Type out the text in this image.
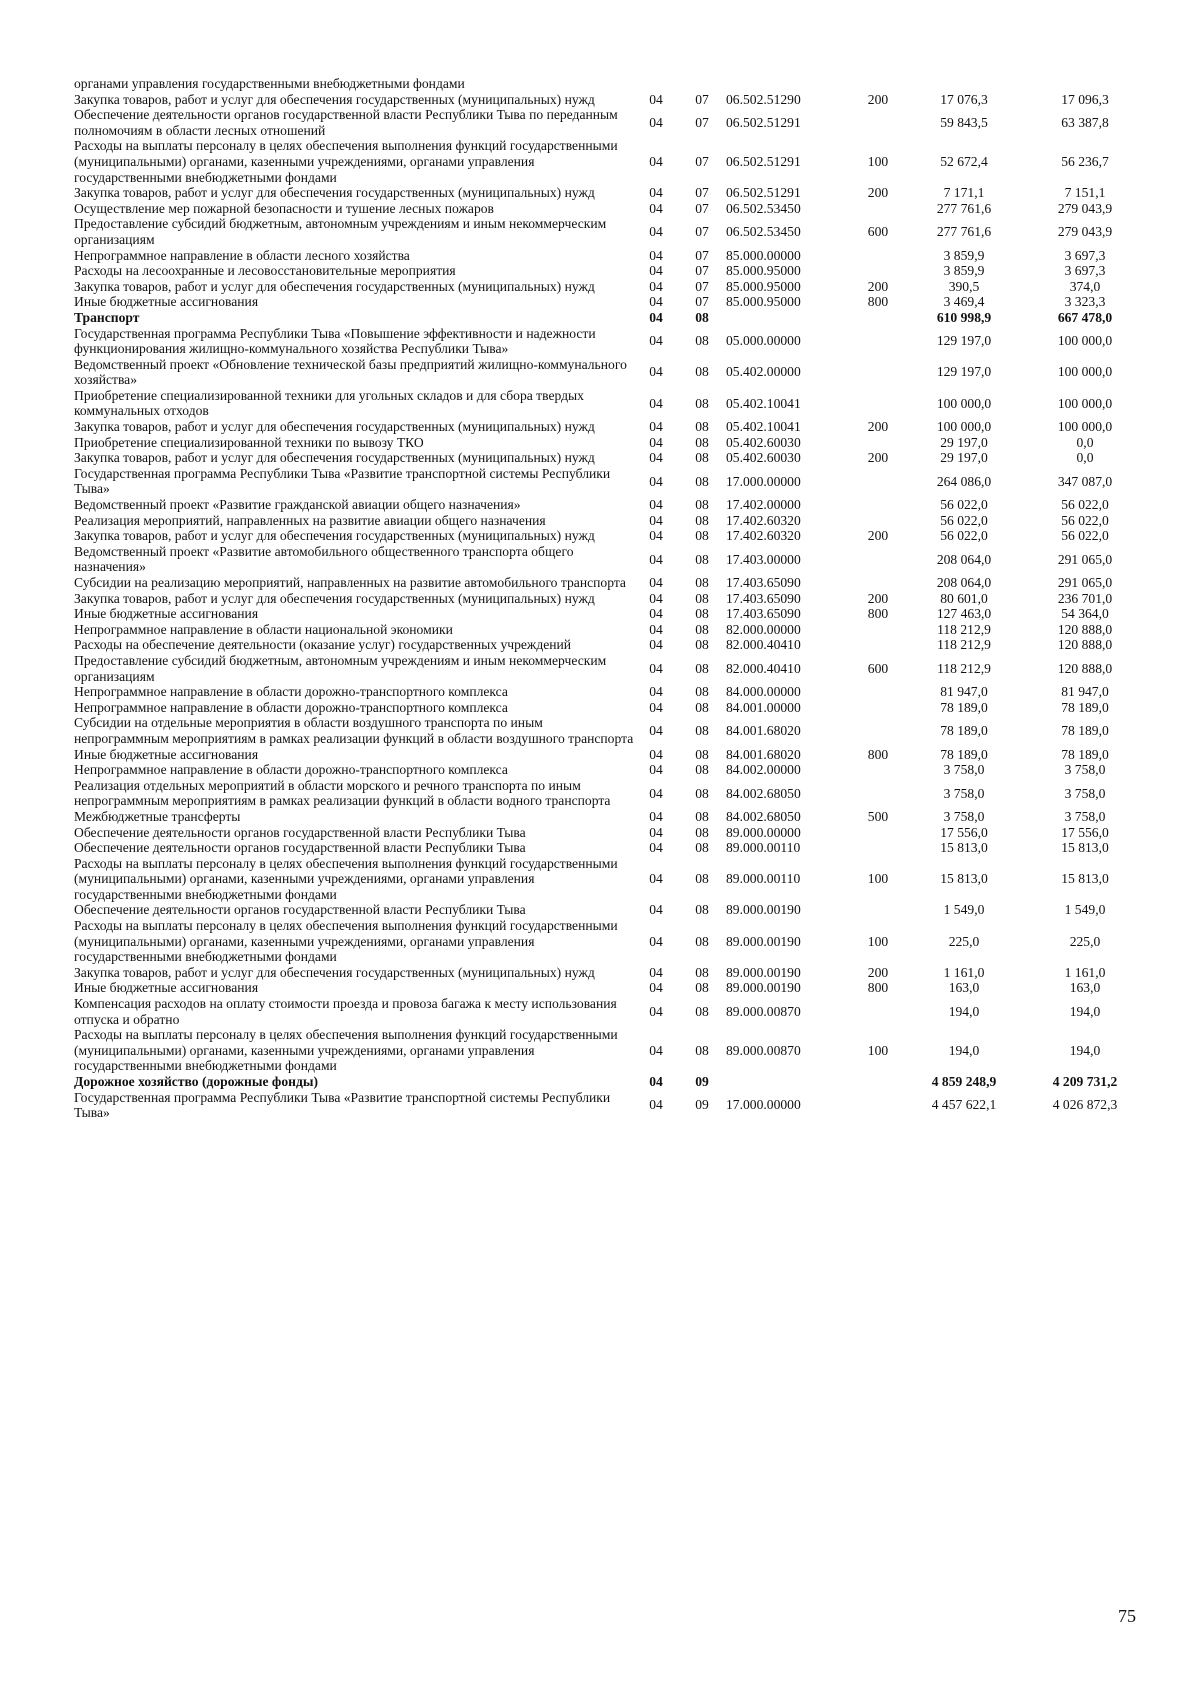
органами управления государственными внебюджетными фондами						
Закупка товаров, работ и услуг для обеспечения государственных (муниципальных) нужд	04	07	06.502.51290	200	17 076,3	17 096,3
Обеспечение деятельности органов государственной власти Республики Тыва по переданным полномочиям в области лесных отношений	04	07	06.502.51291		59 843,5	63 387,8
Расходы на выплаты персоналу в целях обеспечения выполнения функций государственными (муниципальными) органами, казенными учреждениями, органами управления государственными внебюджетными фондами	04	07	06.502.51291	100	52 672,4	56 236,7
Закупка товаров, работ и услуг для обеспечения государственных (муниципальных) нужд	04	07	06.502.51291	200	7 171,1	7 151,1
Осуществление мер пожарной безопасности и тушение лесных пожаров	04	07	06.502.53450		277 761,6	279 043,9
Предоставление субсидий бюджетным, автономным учреждениям и иным некоммерческим организациям	04	07	06.502.53450	600	277 761,6	279 043,9
Непрограммное направление в области лесного хозяйства	04	07	85.000.00000		3 859,9	3 697,3
Расходы на лесоохранные и лесовосстановительные мероприятия	04	07	85.000.95000		3 859,9	3 697,3
Закупка товаров, работ и услуг для обеспечения государственных (муниципальных) нужд	04	07	85.000.95000	200	390,5	374,0
Иные бюджетные ассигнования	04	07	85.000.95000	800	3 469,4	3 323,3
Транспорт	04	08			610 998,9	667 478,0
Государственная программа Республики Тыва «Повышение эффективности и надежности функционирования жилищно-коммунального хозяйства Республики Тыва»	04	08	05.000.00000		129 197,0	100 000,0
Ведомственный проект «Обновление технической базы предприятий жилищно-коммунального хозяйства»	04	08	05.402.00000		129 197,0	100 000,0
Приобретение специализированной техники для угольных складов и для сбора твердых коммунальных отходов	04	08	05.402.10041		100 000,0	100 000,0
Закупка товаров, работ и услуг для обеспечения государственных (муниципальных) нужд	04	08	05.402.10041	200	100 000,0	100 000,0
Приобретение специализированной техники по вывозу ТКО	04	08	05.402.60030		29 197,0	0,0
Закупка товаров, работ и услуг для обеспечения государственных (муниципальных) нужд	04	08	05.402.60030	200	29 197,0	0,0
Государственная программа Республики Тыва «Развитие транспортной системы Республики Тыва»	04	08	17.000.00000		264 086,0	347 087,0
Ведомственный проект «Развитие гражданской авиации общего назначения»	04	08	17.402.00000		56 022,0	56 022,0
Реализация мероприятий, направленных на развитие авиации общего назначения	04	08	17.402.60320		56 022,0	56 022,0
Закупка товаров, работ и услуг для обеспечения государственных (муниципальных) нужд	04	08	17.402.60320	200	56 022,0	56 022,0
Ведомственный проект «Развитие автомобильного общественного транспорта общего назначения»	04	08	17.403.00000		208 064,0	291 065,0
Субсидии на реализацию мероприятий, направленных на развитие автомобильного транспорта	04	08	17.403.65090		208 064,0	291 065,0
Закупка товаров, работ и услуг для обеспечения государственных (муниципальных) нужд	04	08	17.403.65090	200	80 601,0	236 701,0
Иные бюджетные ассигнования	04	08	17.403.65090	800	127 463,0	54 364,0
Непрограммное направление в области национальной экономики	04	08	82.000.00000		118 212,9	120 888,0
Расходы на обеспечение деятельности (оказание услуг) государственных учреждений	04	08	82.000.40410		118 212,9	120 888,0
Предоставление субсидий бюджетным, автономным учреждениям и иным некоммерческим организациям	04	08	82.000.40410	600	118 212,9	120 888,0
Непрограммное направление в области дорожно-транспортного комплекса	04	08	84.000.00000		81 947,0	81 947,0
Непрограммное направление в области дорожно-транспортного комплекса	04	08	84.001.00000		78 189,0	78 189,0
Субсидии на отдельные мероприятия в области воздушного транспорта по иным непрограммным мероприятиям в рамках реализации функций в области воздушного транспорта	04	08	84.001.68020		78 189,0	78 189,0
Иные бюджетные ассигнования	04	08	84.001.68020	800	78 189,0	78 189,0
Непрограммное направление в области дорожно-транспортного комплекса	04	08	84.002.00000		3 758,0	3 758,0
Реализация отдельных мероприятий в области морского и речного транспорта по иным непрограммным мероприятиям в рамках реализации функций в области водного транспорта	04	08	84.002.68050		3 758,0	3 758,0
Межбюджетные трансферты	04	08	84.002.68050	500	3 758,0	3 758,0
Обеспечение деятельности органов государственной власти Республики Тыва	04	08	89.000.00000		17 556,0	17 556,0
Обеспечение деятельности органов государственной власти Республики Тыва	04	08	89.000.00110		15 813,0	15 813,0
Расходы на выплаты персоналу в целях обеспечения выполнения функций государственными (муниципальными) органами, казенными учреждениями, органами управления государственными внебюджетными фондами	04	08	89.000.00110	100	15 813,0	15 813,0
Обеспечение деятельности органов государственной власти Республики Тыва	04	08	89.000.00190		1 549,0	1 549,0
Расходы на выплаты персоналу в целях обеспечения выполнения функций государственными (муниципальными) органами, казенными учреждениями, органами управления государственными внебюджетными фондами	04	08	89.000.00190	100	225,0	225,0
Закупка товаров, работ и услуг для обеспечения государственных (муниципальных) нужд	04	08	89.000.00190	200	1 161,0	1 161,0
Иные бюджетные ассигнования	04	08	89.000.00190	800	163,0	163,0
Компенсация расходов на оплату стоимости проезда и провоза багажа к месту использования отпуска и обратно	04	08	89.000.00870		194,0	194,0
Расходы на выплаты персоналу в целях обеспечения выполнения функций государственными (муниципальными) органами, казенными учреждениями, органами управления государственными внебюджетными фондами	04	08	89.000.00870	100	194,0	194,0
Дорожное хозяйство (дорожные фонды)	04	09			4 859 248,9	4 209 731,2
Государственная программа Республики Тыва «Развитие транспортной системы Республики Тыва»	04	09	17.000.00000		4 457 622,1	4 026 872,3
75
